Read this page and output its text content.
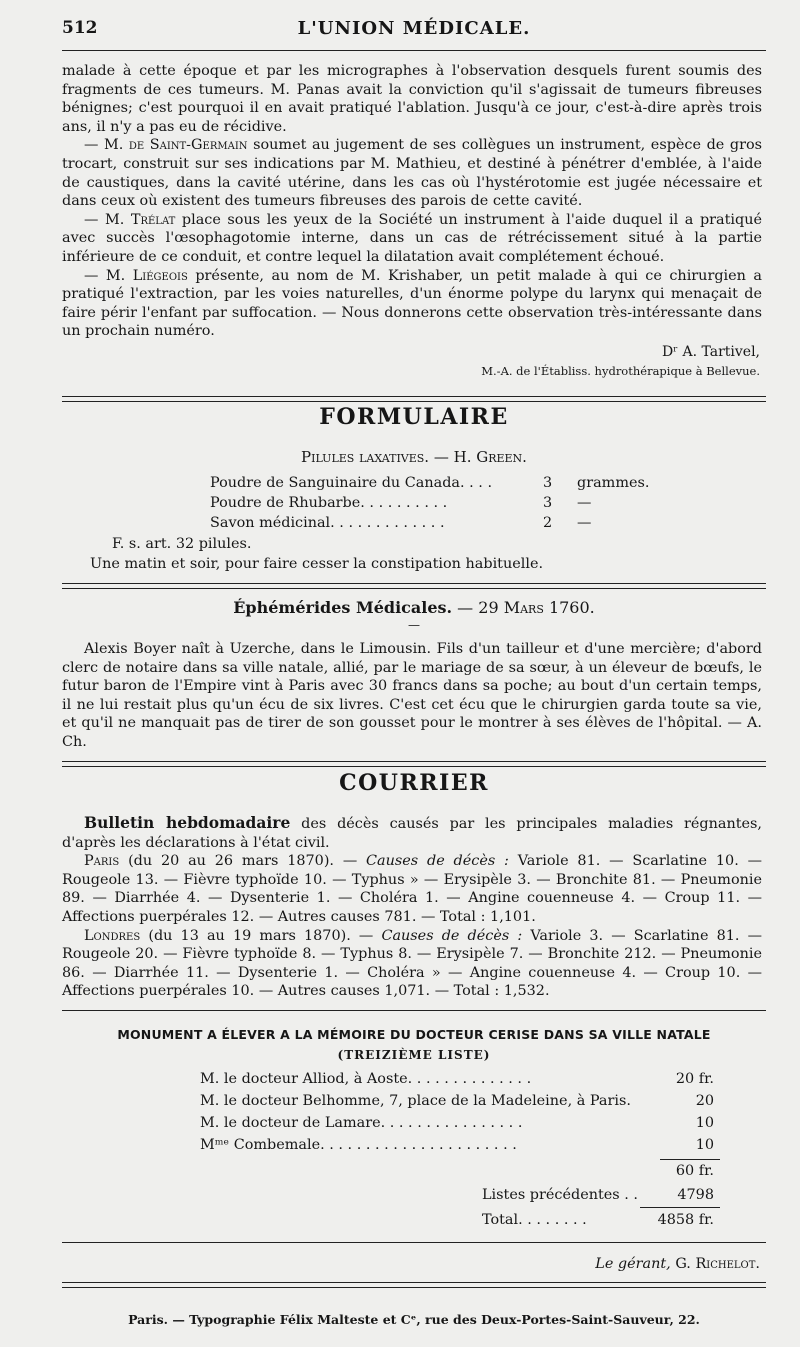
512	L'UNION MÉDICALE.

malade à cette époque et par les micrographes à l'observation desquels furent soumis des fragments de ces tumeurs. M. Panas avait la conviction qu'il s'agissait de tumeurs fibreuses bénignes; c'est pourquoi il en avait pratiqué l'ablation. Jusqu'à ce jour, c'est-à-dire après trois ans, il n'y a pas eu de récidive.

— M. de Saint-Germain soumet au jugement de ses collègues un instrument, espèce de gros trocart, construit sur ses indications par M. Mathieu, et destiné à pénétrer d'emblée, à l'aide de caustiques, dans la cavité utérine, dans les cas où l'hystérotomie est jugée nécessaire et dans ceux où existent des tumeurs fibreuses des parois de cette cavité.

— M. Trélat place sous les yeux de la Société un instrument à l'aide duquel il a pratiqué avec succès l'œsophagotomie interne, dans un cas de rétrécissement situé à la partie inférieure de ce conduit, et contre lequel la dilatation avait complétement échoué.

— M. Liégeois présente, au nom de M. Krishaber, un petit malade à qui ce chirurgien a pratiqué l'extraction, par les voies naturelles, d'un énorme polype du larynx qui menaçait de faire périr l'enfant par suffocation. — Nous donnerons cette observation très-intéressante dans un prochain numéro.

Dʳ A. Tartivel,
M.-A. de l'Établiss. hydrothérapique à Bellevue.
FORMULAIRE
Pilules laxatives. — H. Green.
Poudre de Sanguinaire du Canada. . . .	3 grammes.
Poudre de Rhubarbe. . . . . . . . . .	3 —
Savon médicinal. . . . . . . . . . . . .	2 —
F. s. art. 32 pilules.
Une matin et soir, pour faire cesser la constipation habituelle.
Éphémérides Médicales. — 29 Mars 1760.
—

Alexis Boyer naît à Uzerche, dans le Limousin. Fils d'un tailleur et d'une mercière; d'abord clerc de notaire dans sa ville natale, allié, par le mariage de sa sœur, à un éleveur de bœufs, le futur baron de l'Empire vint à Paris avec 30 francs dans sa poche; au bout d'un certain temps, il ne lui restait plus qu'un écu de six livres. C'est cet écu que le chirurgien garda toute sa vie, et qu'il ne manquait pas de tirer de son gousset pour le montrer à ses élèves de l'hôpital. — A. Ch.

COURRIER

Bulletin hebdomadaire des décès causés par les principales maladies régnantes, d'après les déclarations à l'état civil.

Paris (du 20 au 26 mars 1870). — Causes de décès : Variole 81. — Scarlatine 10. — Rougeole 13. — Fièvre typhoïde 10. — Typhus » — Erysipèle 3. — Bronchite 81. — Pneumonie 89. — Diarrhée 4. — Dysenterie 1. — Choléra 1. — Angine couenneuse 4. — Croup 11. — Affections puerpérales 12. — Autres causes 781. — Total : 1,101.

Londres (du 13 au 19 mars 1870). — Causes de décès : Variole 3. — Scarlatine 81. — Rougeole 20. — Fièvre typhoïde 8. — Typhus 8. — Erysipèle 7. — Bronchite 212. — Pneumonie 86. — Diarrhée 11. — Dysenterie 1. — Choléra » — Angine couenneuse 4. — Croup 10. — Affections puerpérales 10. — Autres causes 1,071. — Total : 1,532.

MONUMENT A ÉLEVER A LA MÉMOIRE DU DOCTEUR CERISE DANS SA VILLE NATALE
(TREIZIÈME LISTE)
M. le docteur Alliod, à Aoste. . . . . . . . . . . . . .	20 fr.
M. le docteur Belhomme, 7, place de la Madeleine, à Paris.	20
M. le docteur de Lamare. . . . . . . . . . . . . . . .	10
Mᵐᵉ Combemale. . . . . . . . . . . . . . . . . . . . . .	10
60 fr.
Listes précédentes . .	4798
Total. . . . . . . .	4858 fr.
Le gérant, G. Richelot.
Paris. — Typographie Félix Malteste et Cᵉ, rue des Deux-Portes-Saint-Sauveur, 22.
